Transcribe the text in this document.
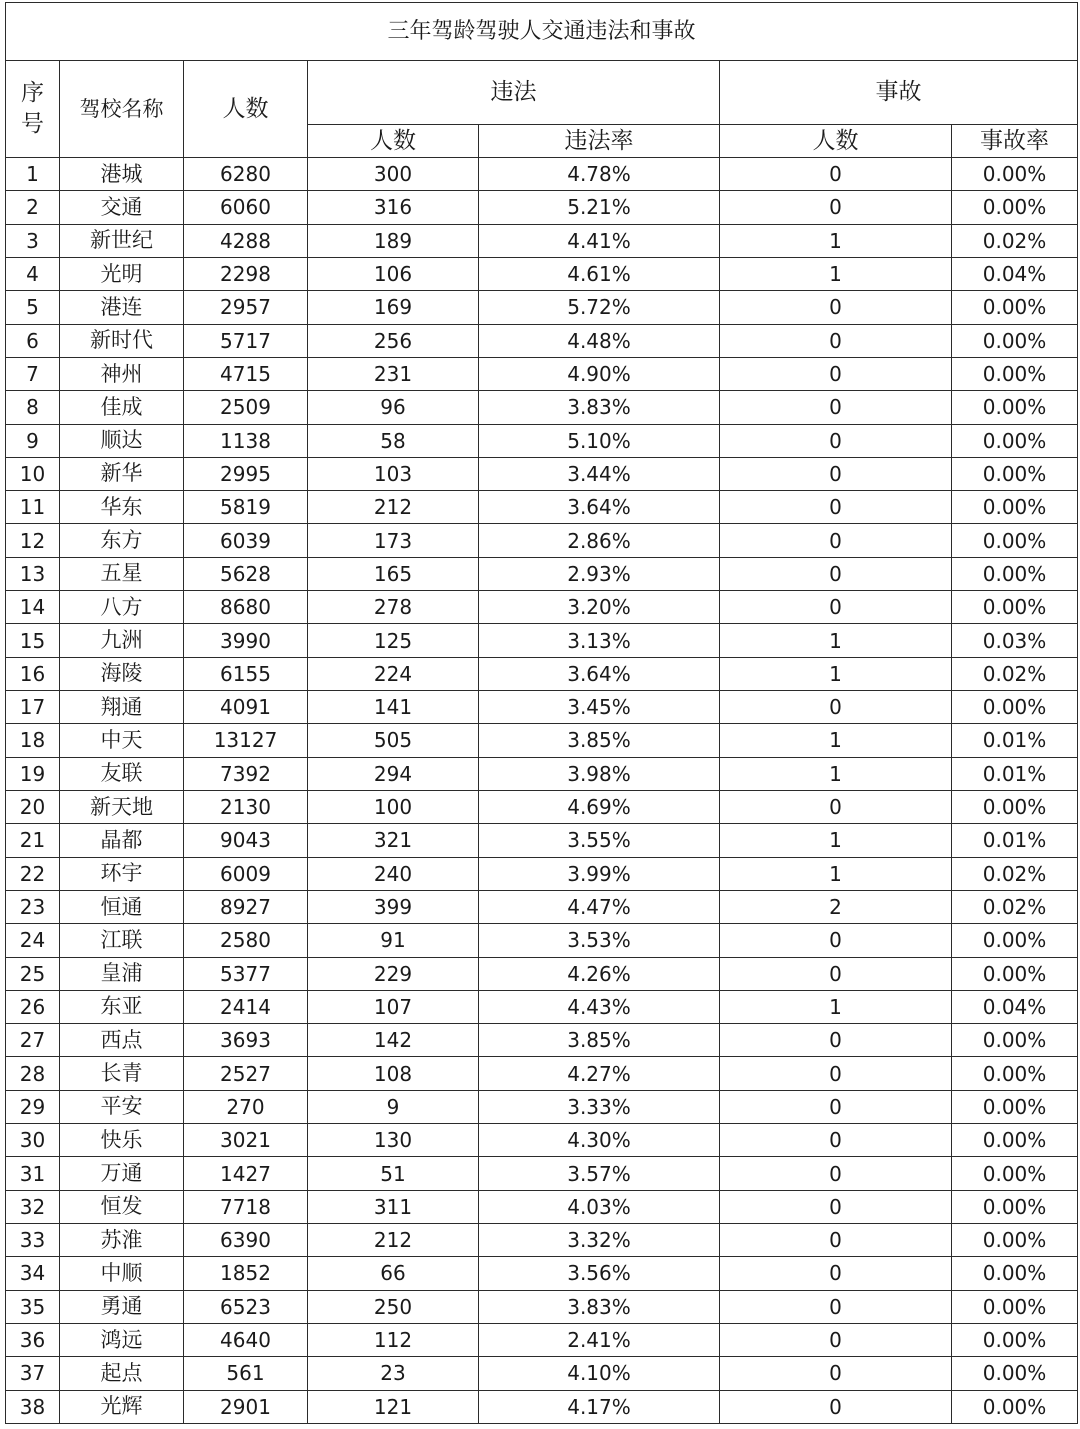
三年驾龄驾驶人交通违法和事故						
序
号	驾校名称	人数	违法		事故	
			人数	违法率	人数	事故率
1	港城	6280	300	4.78%	0	0.00%
2	交通	6060	316	5.21%	0	0.00%
3	新世纪	4288	189	4.41%	1	0.02%
4	光明	2298	106	4.61%	1	0.04%
5	港连	2957	169	5.72%	0	0.00%
6	新时代	5717	256	4.48%	0	0.00%
7	神州	4715	231	4.90%	0	0.00%
8	佳成	2509	96	3.83%	0	0.00%
9	顺达	1138	58	5.10%	0	0.00%
10	新华	2995	103	3.44%	0	0.00%
11	华东	5819	212	3.64%	0	0.00%
12	东方	6039	173	2.86%	0	0.00%
13	五星	5628	165	2.93%	0	0.00%
14	八方	8680	278	3.20%	0	0.00%
15	九洲	3990	125	3.13%	1	0.03%
16	海陵	6155	224	3.64%	1	0.02%
17	翔通	4091	141	3.45%	0	0.00%
18	中天	13127	505	3.85%	1	0.01%
19	友联	7392	294	3.98%	1	0.01%
20	新天地	2130	100	4.69%	0	0.00%
21	晶都	9043	321	3.55%	1	0.01%
22	环宇	6009	240	3.99%	1	0.02%
23	恒通	8927	399	4.47%	2	0.02%
24	江联	2580	91	3.53%	0	0.00%
25	皇浦	5377	229	4.26%	0	0.00%
26	东亚	2414	107	4.43%	1	0.04%
27	西点	3693	142	3.85%	0	0.00%
28	长青	2527	108	4.27%	0	0.00%
29	平安	270	9	3.33%	0	0.00%
30	快乐	3021	130	4.30%	0	0.00%
31	万通	1427	51	3.57%	0	0.00%
32	恒发	7718	311	4.03%	0	0.00%
33	苏淮	6390	212	3.32%	0	0.00%
34	中顺	1852	66	3.56%	0	0.00%
35	勇通	6523	250	3.83%	0	0.00%
36	鸿远	4640	112	2.41%	0	0.00%
37	起点	561	23	4.10%	0	0.00%
38	光辉	2901	121	4.17%	0	0.00%
